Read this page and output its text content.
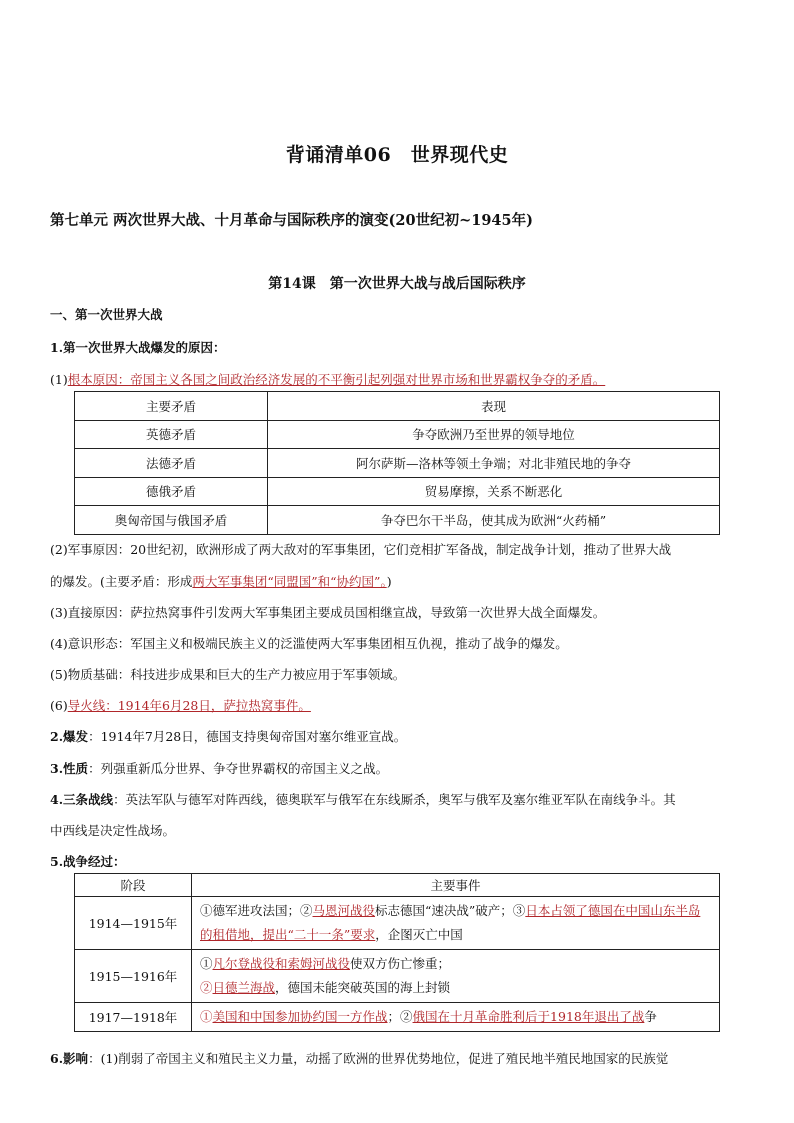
背诵清单06　世界现代史
第七单元 两次世界大战、十月革命与国际秩序的演变(20世纪初~1945年)
第14课　第一次世界大战与战后国际秩序
一、第一次世界大战
1.第一次世界大战爆发的原因：
(1)根本原因：帝国主义各国之间政治经济发展的不平衡引起列强对世界市场和世界霸权争夺的矛盾。
主要矛盾	表现
英德矛盾	争夺欧洲乃至世界的领导地位
法德矛盾	阿尔萨斯—洛林等领土争端；对北非殖民地的争夺
德俄矛盾	贸易摩擦，关系不断恶化
奥匈帝国与俄国矛盾	争夺巴尔干半岛，使其成为欧洲“火药桶”
(2)军事原因：20世纪初，欧洲形成了两大敌对的军事集团，它们竞相扩军备战，制定战争计划，推动了世界大战
的爆发。(主要矛盾：形成两大军事集团“同盟国”和“协约国”。)
(3)直接原因：萨拉热窝事件引发两大军事集团主要成员国相继宣战，导致第一次世界大战全面爆发。
(4)意识形态：军国主义和极端民族主义的泛滥使两大军事集团相互仇视，推动了战争的爆发。
(5)物质基础：科技进步成果和巨大的生产力被应用于军事领域。
(6)导火线：1914年6月28日，萨拉热窝事件。
2.爆发：1914年7月28日，德国支持奥匈帝国对塞尔维亚宣战。
3.性质：列强重新瓜分世界、争夺世界霸权的帝国主义之战。
4.三条战线：英法军队与德军对阵西线，德奥联军与俄军在东线厮杀，奥军与俄军及塞尔维亚军队在南线争斗。其
中西线是决定性战场。
5.战争经过：
阶段	主要事件
1914—1915年	①德军进攻法国；②马恩河战役标志德国“速决战”破产；③日本占领了德国在中国山东半岛的租借地，提出“二十一条”要求，企图灭亡中国
1915—1916年	①凡尔登战役和索姆河战役使双方伤亡惨重；
②日德兰海战，德国未能突破英国的海上封锁
1917—1918年	①美国和中国参加协约国一方作战；②俄国在十月革命胜利后于1918年退出了战争
6.影响：(1)削弱了帝国主义和殖民主义力量，动摇了欧洲的世界优势地位，促进了殖民地半殖民地国家的民族觉
